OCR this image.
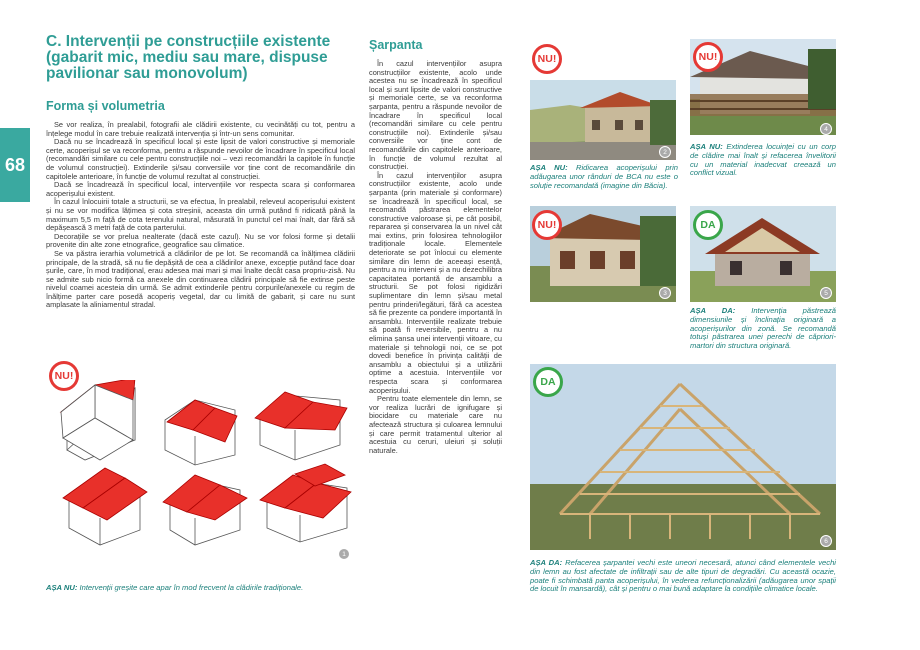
68
C. Intervenții pe construcțiile existente (gabarit mic, mediu sau mare, dispuse pavilionar sau monovolum)
Forma și volumetria

Se vor realiza, în prealabil, fotografii ale clădirii existente, cu vecinătăți cu tot, pentru a înțelege modul în care trebuie realizată intervenția și într-un sens comunitar.

Dacă nu se încadrează în specificul local și este lipsit de valori constructive și memoriale certe, acoperișul se va reconforma, pentru a răspunde nevoilor de încadrare în specificul local (recomandări similare cu cele pentru construcțiile noi – vezi recomandări la capitole în funcție de volumul construcției). Extinderile și/sau conversiile vor ține cont de recomandările din capitolele anterioare, în funcție de volumul rezultat al construcției.

Dacă se încadrează în specificul local, intervențiile vor respecta scara și conformarea acoperișului existent.

În cazul înlocuirii totale a structurii, se va efectua, în prealabil, releveul acoperișului existent și nu se vor modifica lățimea și cota streșinii, aceasta din urmă putând fi ridicată până la maximum 5,5 m față de cota terenului natural, măsurată în punctul cel mai înalt, dar fără să depășească 3 metri față de cota parterului.

Decorațiile se vor prelua nealterate (dacă este cazul). Nu se vor folosi forme și detalii provenite din alte zone etnografice, geografice sau climatice.

Se va păstra ierarhia volumetrică a clădirilor de pe lot. Se recomandă ca înălțimea clădirii principale, de la stradă, să nu fie depășită de cea a clădirilor anexe, excepție putând face doar șurile, care, în mod tradițional, erau adesea mai mari și mai înalte decât casa propriu-zisă. Nu se admite sub nicio formă ca anexele din continuarea clădirii principale să fie extinse peste nivelul coamei acesteia din urmă. Se admit extinderile pentru corpurile/anexele cu regim de înălțime parter care posedă acoperiș vegetal, dar cu limită de gabarit, și care nu sunt amplasate la aliniamentul stradal.

NU!
1

AȘA NU: Intervenții greșite care apar în mod frecvent la clădirile tradiționale.

Șarpanta

În cazul intervențiilor asupra construcțiilor existente, acolo unde acestea nu se încadrează în specificul local și sunt lipsite de valori constructive și memoriale certe, se va reconforma șarpanta, pentru a răspunde nevoilor de încadrare în specificul local (recomandări similare cu cele pentru construcțiile noi). Extinderile și/sau conversiile vor ține cont de recomandările din capitolele anterioare, în funcție de volumul rezultat al construcției.

În cazul intervențiilor asupra construcțiilor existente, acolo unde șarpanta (prin materiale și conformare) se încadrează în specificul local, se recomandă păstrarea elementelor constructive valoroase și, pe cât posibil, repararea și conservarea la un nivel cât mai extins, prin folosirea tehnologiilor tradiționale locale. Elementele deteriorate se pot înlocui cu elemente similare din lemn de aceeași esență, pentru a nu interveni și a nu dezechilibra capacitatea portantă de ansamblu a structurii. Se pot folosi rigidizări suplimentare din lemn și/sau metal pentru prinderi/legături, fără ca acestea să fie prezente ca pondere importantă în ansamblu. Intervențiile realizate trebuie să poată fi reversibile, pentru a nu elimina șansa unei intervenții viitoare, cu materiale și tehnologii noi, ce se pot dovedi benefice în privința calității de ansamblu a obiectului și a utilizării optime a acestuia. Intervențiile vor respecta scara și conformarea acoperișului.

Pentru toate elementele din lemn, se vor realiza lucrări de ignifugare și biocidare cu materiale care nu afectează structura și culoarea lemnului și care permit tratamentul ulterior al acestuia cu ceruri, uleiuri și soluții naturale.

NU!
2

AȘA NU: Ridicarea acoperișului prin adăugarea unor rânduri de BCA nu este o soluție recomandată (imagine din Băcia).

NU!
3
NU!
4

AȘA NU: Extinderea locuinței cu un corp de clădire mai înalt și refacerea învelitorii cu un material inadecvat creează un conflict vizual.

DA
5

AȘA DA: Intervenția păstrează dimensiunile și înclinația originară a acoperișurilor din zonă. Se recomandă totuși păstrarea unei perechi de căpriori-martori din structura originară.

DA
6

AȘA DA: Refacerea șarpantei vechi este uneori necesară, atunci când elementele vechi din lemn au fost afectate de infiltrații sau de alte tipuri de degradări. Cu această ocazie, poate fi schimbată panta acoperișului, în vederea refuncționalizării (adăugarea unor spații de locuit în mansardă), cât și pentru o mai bună adaptare la condițiile climatice locale.
